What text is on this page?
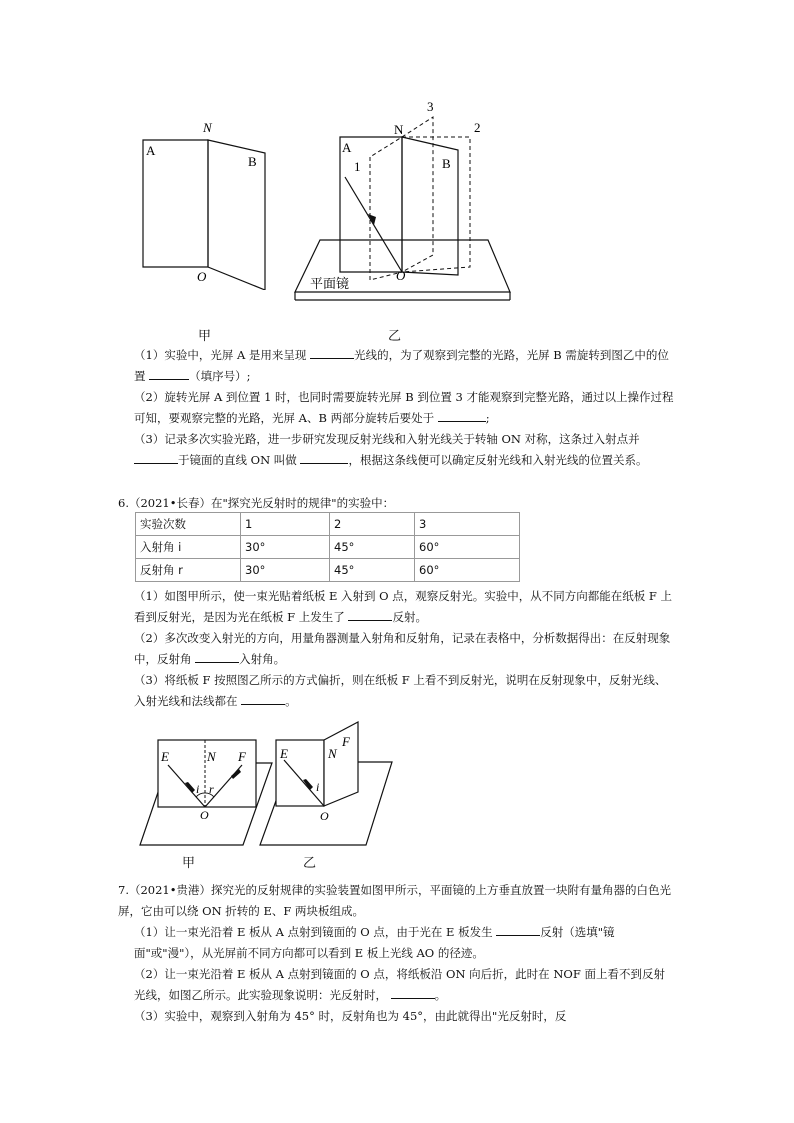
A
B
N
O
A
B
N
O
1
2
3
平面镜
甲	乙

（1）实验中，光屏 A 是用来呈现	光线的，为了观察到完整的光路，光屏 B 需旋转到图乙中的位置	（填序号）;

（2）旋转光屏 A 到位置 1 时，也同时需要旋转光屏 B 到位置 3 才能观察到完整光路，通过以上操作过程可知，要观察完整的光路，光屏 A、B 两部分旋转后要处于	;

（3）记录多次实验光路，进一步研究发现反射光线和入射光线关于转轴 ON 对称，这条过入射点并 于镜面的直线 ON 叫做	，根据这条线便可以确定反射光线和入射光线的位置关系。

6.（2021•长春）在"探究光反射时的规律"的实验中：
实验次数	1	2	3
入射角 i	30°	45°	60°
反射角 r	30°	45°	60°

（1）如图甲所示，使一束光贴着纸板 E 入射到 O 点，观察反射光。实验中，从不同方向都能在纸板 F 上看到反射光，是因为光在纸板 F 上发生了	反射。

（2）多次改变入射光的方向，用量角器测量入射角和反射角，记录在表格中，分析数据得出：在反射现象中，反射角	入射角。

（3）将纸板 F 按照图乙所示的方式偏折，则在纸板 F 上看不到反射光，说明在反射现象中，反射光线、入射光线和法线都在	。

E	N F
i r
O
E	N
F
i
O
甲	乙
7.（2021•贵港）探究光的反射规律的实验装置如图甲所示，平面镜的上方垂直放置一块附有量角器的白色光屏，它由可以绕 ON 折转的 E、F 两块板组成。

（1）让一束光沿着 E 板从 A 点射到镜面的 O 点，由于光在 E 板发生	反射（选填"镜面"或"漫"），从光屏前不同方向都可以看到 E 板上光线 AO 的径迹。

（2）让一束光沿着 E 板从 A 点射到镜面的 O 点，将纸板沿 ON 向后折，此时在 NOF 面上看不到反射光线，如图乙所示。此实验现象说明：光反射时，	。

（3）实验中，观察到入射角为 45° 时，反射角也为 45°，由此就得出"光反射时，反
